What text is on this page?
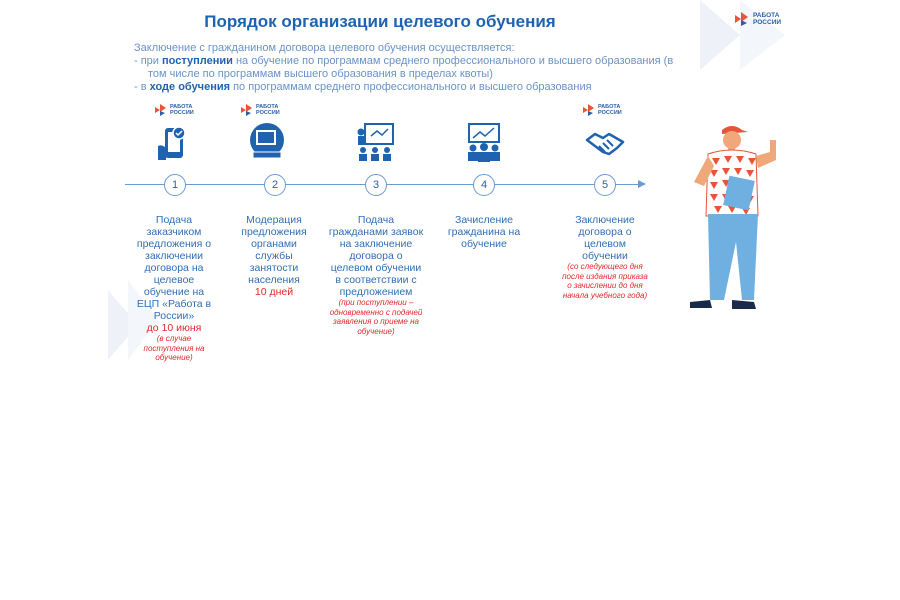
Порядок организации целевого обучения	РАБОТА
РОССИИ
Заключение с гражданином договора целевого обучения осуществляется:
- при поступлении на обучение по программам среднего профессионального и высшего образования (в
том числе по программам высшего образования в пределах квоты)
- в ходе обучения по программам среднего профессионального и высшего образования
РАБОТА
РОССИИ
РАБОТА
РОССИИ
РАБОТА
РОССИИ
1	2	3	4	5
Подача заказчиком предложения о заключении договора на целевое обучение на ЕЦП «Работа в России»
до 10 июня
(в случае поступления на обучение)
Модерация предложения органами службы занятости населения
10 дней
Подача гражданами заявок на заключение договора о целевом обучении в соответствии с предложением
(при поступлении – одновременно с подачей заявления о приеме на обучение)
Зачисление гражданина на обучение
Заключение договора о целевом обучении
(со следующего дня после издания приказа о зачислении до дня начала учебного года)
